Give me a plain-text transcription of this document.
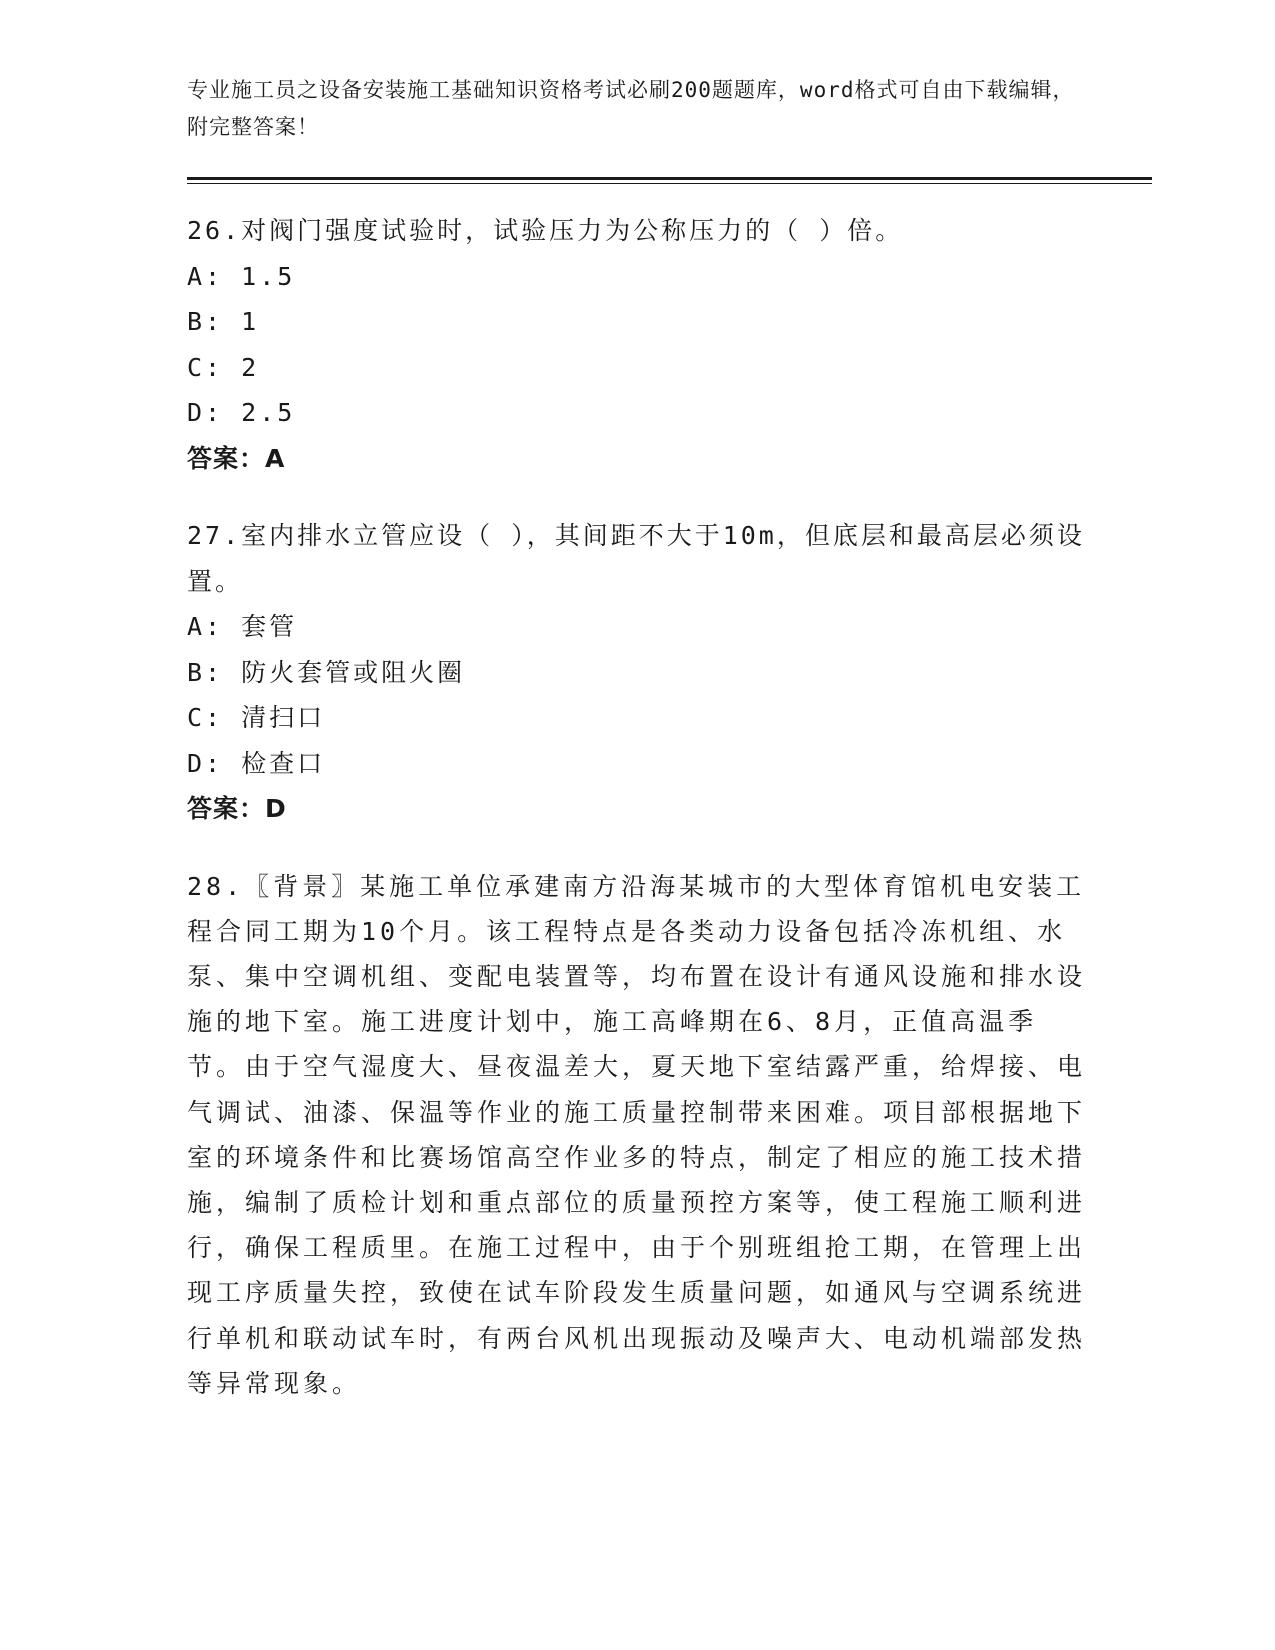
专业施工员之设备安装施工基础知识资格考试必刷200题题库，word格式可自由下载编辑，附完整答案！

26.对阀门强度试验时，试验压力为公称压力的（ ）倍。

A: 1.5

B: 1

C: 2

D: 2.5

答案：A

27.室内排水立管应设（ ），其间距不大于10m，但底层和最高层必须设置。

A: 套管

B: 防火套管或阻火圈

C: 清扫口

D: 检查口

答案：D

28.〖背景〗某施工单位承建南方沿海某城市的大型体育馆机电安装工程合同工期为10个月。该工程特点是各类动力设备包括冷冻机组、水泵、集中空调机组、变配电装置等，均布置在设计有通风设施和排水设施的地下室。施工进度计划中，施工高峰期在6、8月，正值高温季节。由于空气湿度大、昼夜温差大，夏天地下室结露严重，给焊接、电气调试、油漆、保温等作业的施工质量控制带来困难。项目部根据地下室的环境条件和比赛场馆高空作业多的特点，制定了相应的施工技术措施，编制了质检计划和重点部位的质量预控方案等，使工程施工顺利进行，确保工程质里。在施工过程中，由于个别班组抢工期，在管理上出现工序质量失控，致使在试车阶段发生质量问题，如通风与空调系统进行单机和联动试车时，有两台风机出现振动及噪声大、电动机端部发热等异常现象。
